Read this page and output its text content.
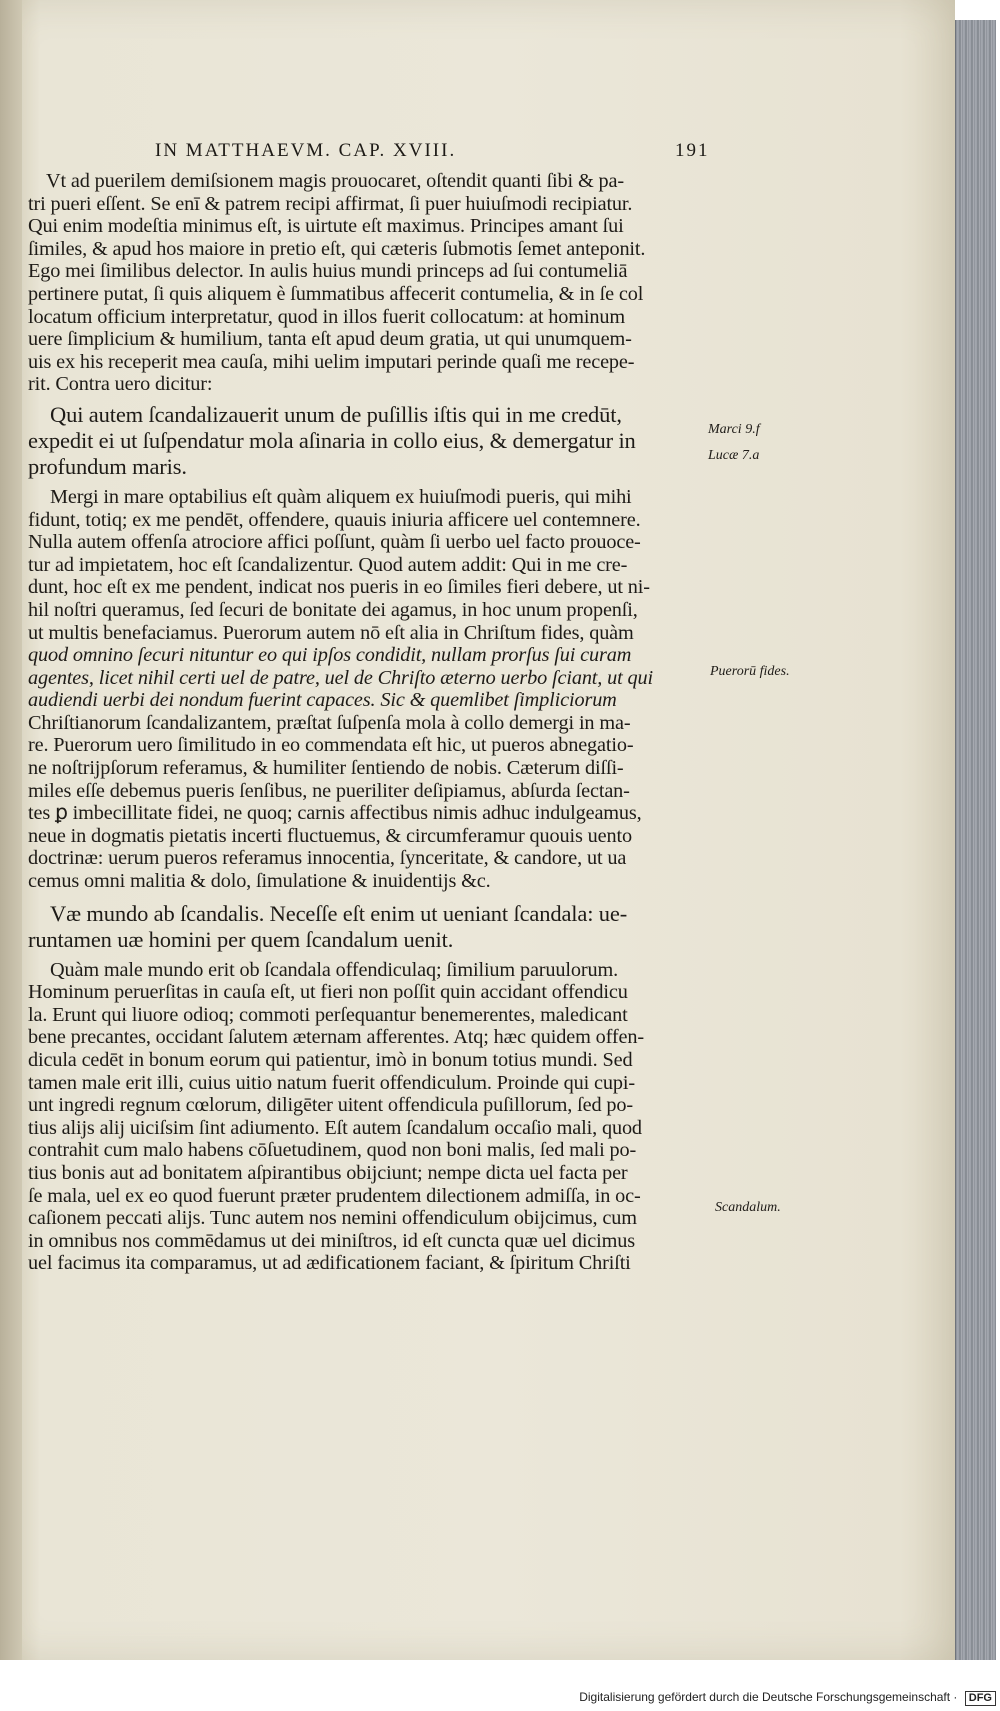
IN MATTHAEVM. CAP. XVIII.	191
Vt ad puerilem demiſsionem magis prouocaret, oſtendit quanti ſibi & pa-
tri pueri eſſent. Se enī & patrem recipi affirmat, ſi puer huiuſmodi recipiatur.
Qui enim modeſtia minimus eſt, is uirtute eſt maximus. Principes amant ſui
ſimiles, & apud hos maiore in pretio eſt, qui cæteris ſubmotis ſemet anteponit.
Ego mei ſimilibus delector. In aulis huius mundi princeps ad ſui contumeliā
pertinere putat, ſi quis aliquem è ſummatibus affecerit contumelia, & in ſe col
locatum officium interpretatur, quod in illos fuerit collocatum: at hominum
uere ſimplicium & humilium, tanta eſt apud deum gratia, ut qui unumquem-
uis ex his receperit mea cauſa, mihi uelim imputari perinde quaſi me recepe-
rit. Contra uero dicitur:
Qui autem ſcandalizauerit unum de puſillis iſtis qui in me credūt,
expedit ei ut ſuſpendatur mola aſinaria in collo eius, & demergatur in
profundum maris.
Mergi in mare optabilius eſt quàm aliquem ex huiuſmodi pueris, qui mihi
fidunt, totiq; ex me pendēt, offendere, quauis iniuria afficere uel contemnere.
Nulla autem offenſa atrociore affici poſſunt, quàm ſi uerbo uel facto prouoce-
tur ad impietatem, hoc eſt ſcandalizentur. Quod autem addit: Qui in me cre-
dunt, hoc eſt ex me pendent, indicat nos pueris in eo ſimiles fieri debere, ut ni-
hil noſtri queramus, ſed ſecuri de bonitate dei agamus, in hoc unum propenſi,
ut multis benefaciamus. Puerorum autem nō eſt alia in Chriſtum fides, quàm
quod omnino ſecuri nituntur eo qui ipſos condidit, nullam prorſus ſui curam
agentes, licet nihil certi uel de patre, uel de Chriſto æterno uerbo ſciant, ut qui
audiendi uerbi dei nondum fuerint capaces. Sic & quemlibet ſimpliciorum
Chriſtianorum ſcandalizantem, præſtat ſuſpenſa mola à collo demergi in ma-
re. Puerorum uero ſimilitudo in eo commendata eſt hic, ut pueros abnegatio-
ne noſtrijpſorum referamus, & humiliter ſentiendo de nobis. Cæterum diſſi-
miles eſſe debemus pueris ſenſibus, ne pueriliter deſipiamus, abſurda ſectan-
tes ꝑ imbecillitate fidei, ne quoq; carnis affectibus nimis adhuc indulgeamus,
neue in dogmatis pietatis incerti fluctuemus, & circumferamur quouis uento
doctrinæ: uerum pueros referamus innocentia, ſynceritate, & candore, ut ua
cemus omni malitia & dolo, ſimulatione & inuidentijs &c.
Væ mundo ab ſcandalis. Neceſſe eſt enim ut ueniant ſcandala: ue-
runtamen uæ homini per quem ſcandalum uenit.
Quàm male mundo erit ob ſcandala offendiculaq; ſimilium paruulorum.
Hominum peruerſitas in cauſa eſt, ut fieri non poſſit quin accidant offendicu
la. Erunt qui liuore odioq; commoti perſequantur benemerentes, maledicant
bene precantes, occidant ſalutem æternam afferentes. Atq; hæc quidem offen-
dicula cedēt in bonum eorum qui patientur, imò in bonum totius mundi. Sed
tamen male erit illi, cuius uitio natum fuerit offendiculum. Proinde qui cupi-
unt ingredi regnum cœlorum, diligēter uitent offendicula puſillorum, ſed po-
tius alijs alij uiciſsim ſint adiumento. Eſt autem ſcandalum occaſio mali, quod
contrahit cum malo habens cōſuetudinem, quod non boni malis, ſed mali po-
tius bonis aut ad bonitatem aſpirantibus obijciunt; nempe dicta uel facta per
ſe mala, uel ex eo quod fuerunt præter prudentem dilectionem admiſſa, in oc-
caſionem peccati alijs. Tunc autem nos nemini offendiculum obijcimus, cum
in omnibus nos commēdamus ut dei miniſtros, id eſt cuncta quæ uel dicimus
uel facimus ita comparamus, ut ad ædificationem faciant, & ſpiritum Chriſti
Marci 9.f
Lucæ 7.a
Puerorū fides.
Scandalum.
Digitalisierung gefördert durch die Deutsche Forschungsgemeinschaft · DFG
